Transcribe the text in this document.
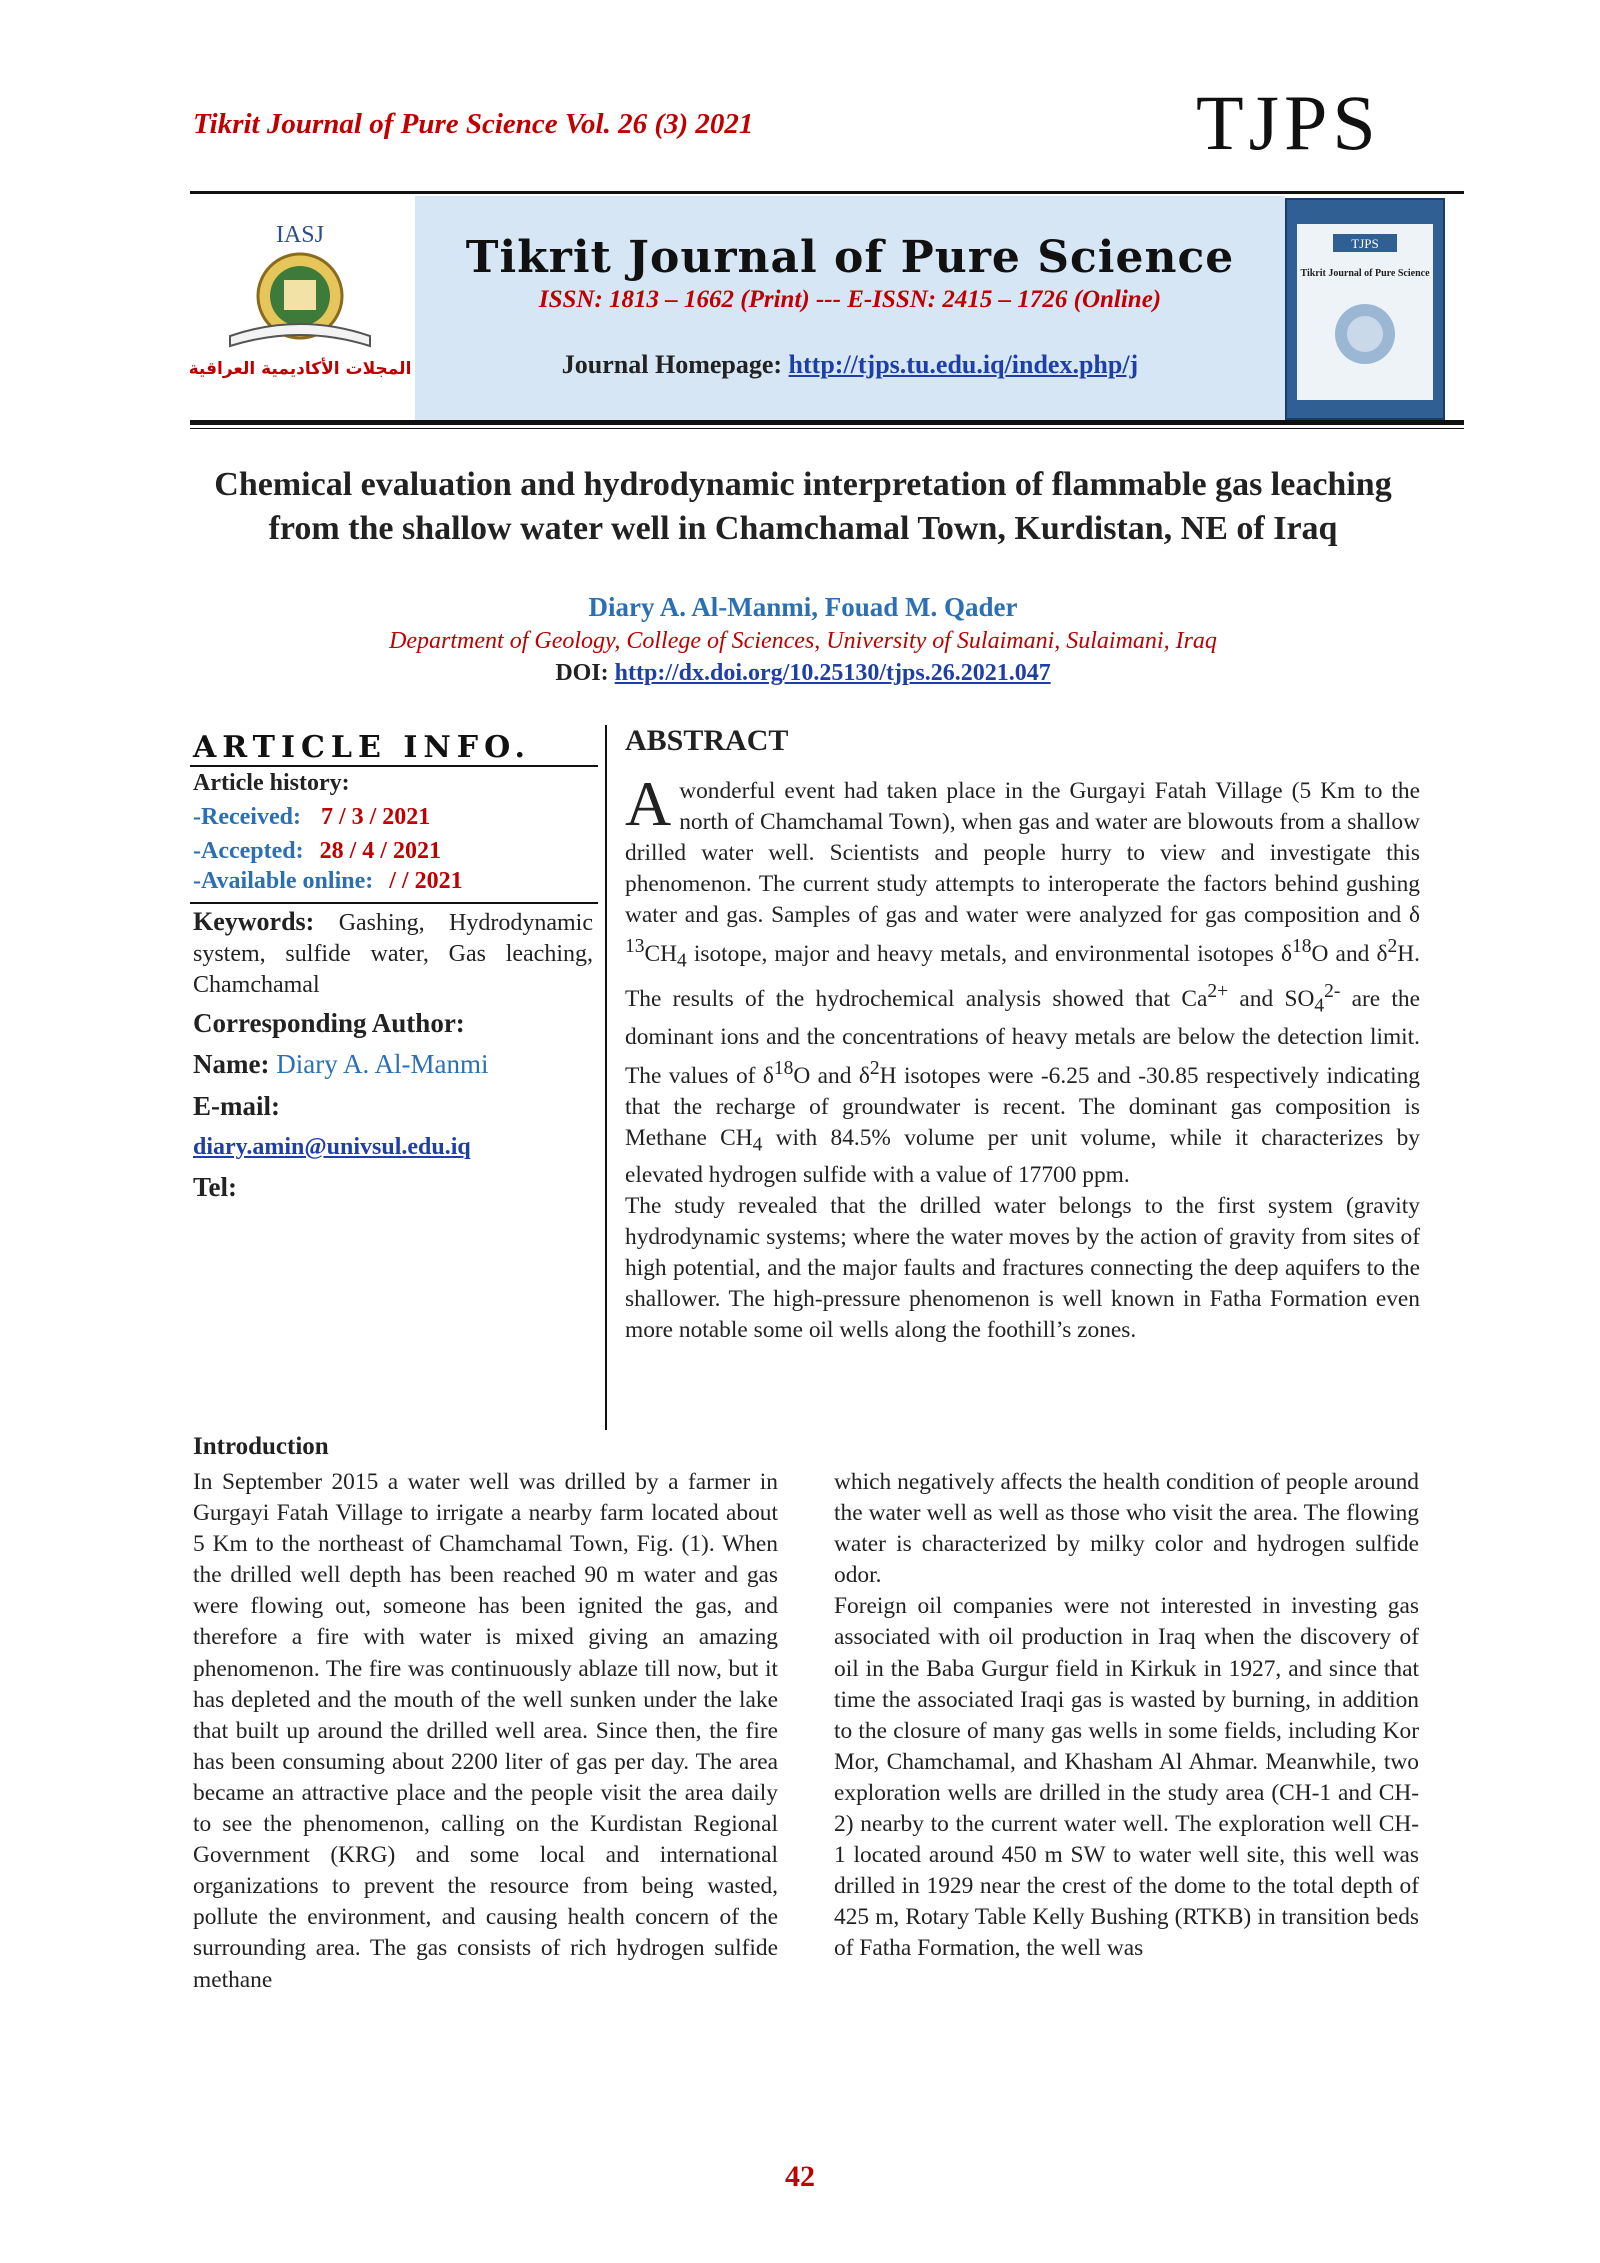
Tikrit Journal of Pure Science Vol. 26 (3) 2021	TJPS
IASJ
المجلات الأكاديمية العراقية
Tikrit Journal of Pure Science
ISSN: 1813 – 1662 (Print) --- E-ISSN: 2415 – 1726 (Online)
Journal Homepage: http://tjps.tu.edu.iq/index.php/j
TJPS
Tikrit Journal of Pure Science
Chemical evaluation and hydrodynamic interpretation of flammable gas leaching from the shallow water well in Chamchamal Town, Kurdistan, NE of Iraq
Diary A. Al-Manmi, Fouad M. Qader
Department of Geology, College of Sciences, University of Sulaimani, Sulaimani, Iraq
DOI: http://dx.doi.org/10.25130/tjps.26.2021.047
ARTICLE INFO.
Article history:
-Received: 7 / 3 / 2021
-Accepted: 28 / 4 / 2021
-Available online: / / 2021
Keywords: Gashing, Hydrodynamic system, sulfide water, Gas leaching, Chamchamal
Corresponding Author:
Name: Diary A. Al-Manmi
E-mail:
diary.amin@univsul.edu.iq
Tel:
ABSTRACT
A wonderful event had taken place in the Gurgayi Fatah Village (5 Km to the north of Chamchamal Town), when gas and water are blowouts from a shallow drilled water well. Scientists and people hurry to view and investigate this phenomenon. The current study attempts to interoperate the factors behind gushing water and gas. Samples of gas and water were analyzed for gas composition and δ $^{13}CH_4$ isotope, major and heavy metals, and environmental isotopes $\delta^{18}O$ and $\delta^2H$. The results of the hydrochemical analysis showed that $Ca^{2+}$ and $SO_4^{2-}$ are the dominant ions and the concentrations of heavy metals are below the detection limit. The values of $\delta^{18}O$ and $\delta^2H$ isotopes were -6.25 and -30.85 respectively indicating that the recharge of groundwater is recent. The dominant gas composition is Methane $CH_4$ with 84.5% volume per unit volume, while it characterizes by elevated hydrogen sulfide with a value of 17700 ppm.
The study revealed that the drilled water belongs to the first system (gravity hydrodynamic systems; where the water moves by the action of gravity from sites of high potential, and the major faults and fractures connecting the deep aquifers to the shallower. The high-pressure phenomenon is well known in Fatha Formation even more notable some oil wells along the foothill’s zones.
Introduction
In September 2015 a water well was drilled by a farmer in Gurgayi Fatah Village to irrigate a nearby farm located about 5 Km to the northeast of Chamchamal Town, Fig. (1). When the drilled well depth has been reached 90 m water and gas were flowing out, someone has been ignited the gas, and therefore a fire with water is mixed giving an amazing phenomenon. The fire was continuously ablaze till now, but it has depleted and the mouth of the well sunken under the lake that built up around the drilled well area. Since then, the fire has been consuming about 2200 liter of gas per day. The area became an attractive place and the people visit the area daily to see the phenomenon, calling on the Kurdistan Regional Government (KRG) and some local and international organizations to prevent the resource from being wasted, pollute the environment, and causing health concern of the surrounding area. The gas consists of rich hydrogen sulfide methane
which negatively affects the health condition of people around the water well as well as those who visit the area. The flowing water is characterized by milky color and hydrogen sulfide odor.
Foreign oil companies were not interested in investing gas associated with oil production in Iraq when the discovery of oil in the Baba Gurgur field in Kirkuk in 1927, and since that time the associated Iraqi gas is wasted by burning, in addition to the closure of many gas wells in some fields, including Kor Mor, Chamchamal, and Khasham Al Ahmar. Meanwhile, two exploration wells are drilled in the study area (CH-1 and CH-2) nearby to the current water well. The exploration well CH-1 located around 450 m SW to water well site, this well was drilled in 1929 near the crest of the dome to the total depth of 425 m, Rotary Table Kelly Bushing (RTKB) in transition beds of Fatha Formation, the well was
42
